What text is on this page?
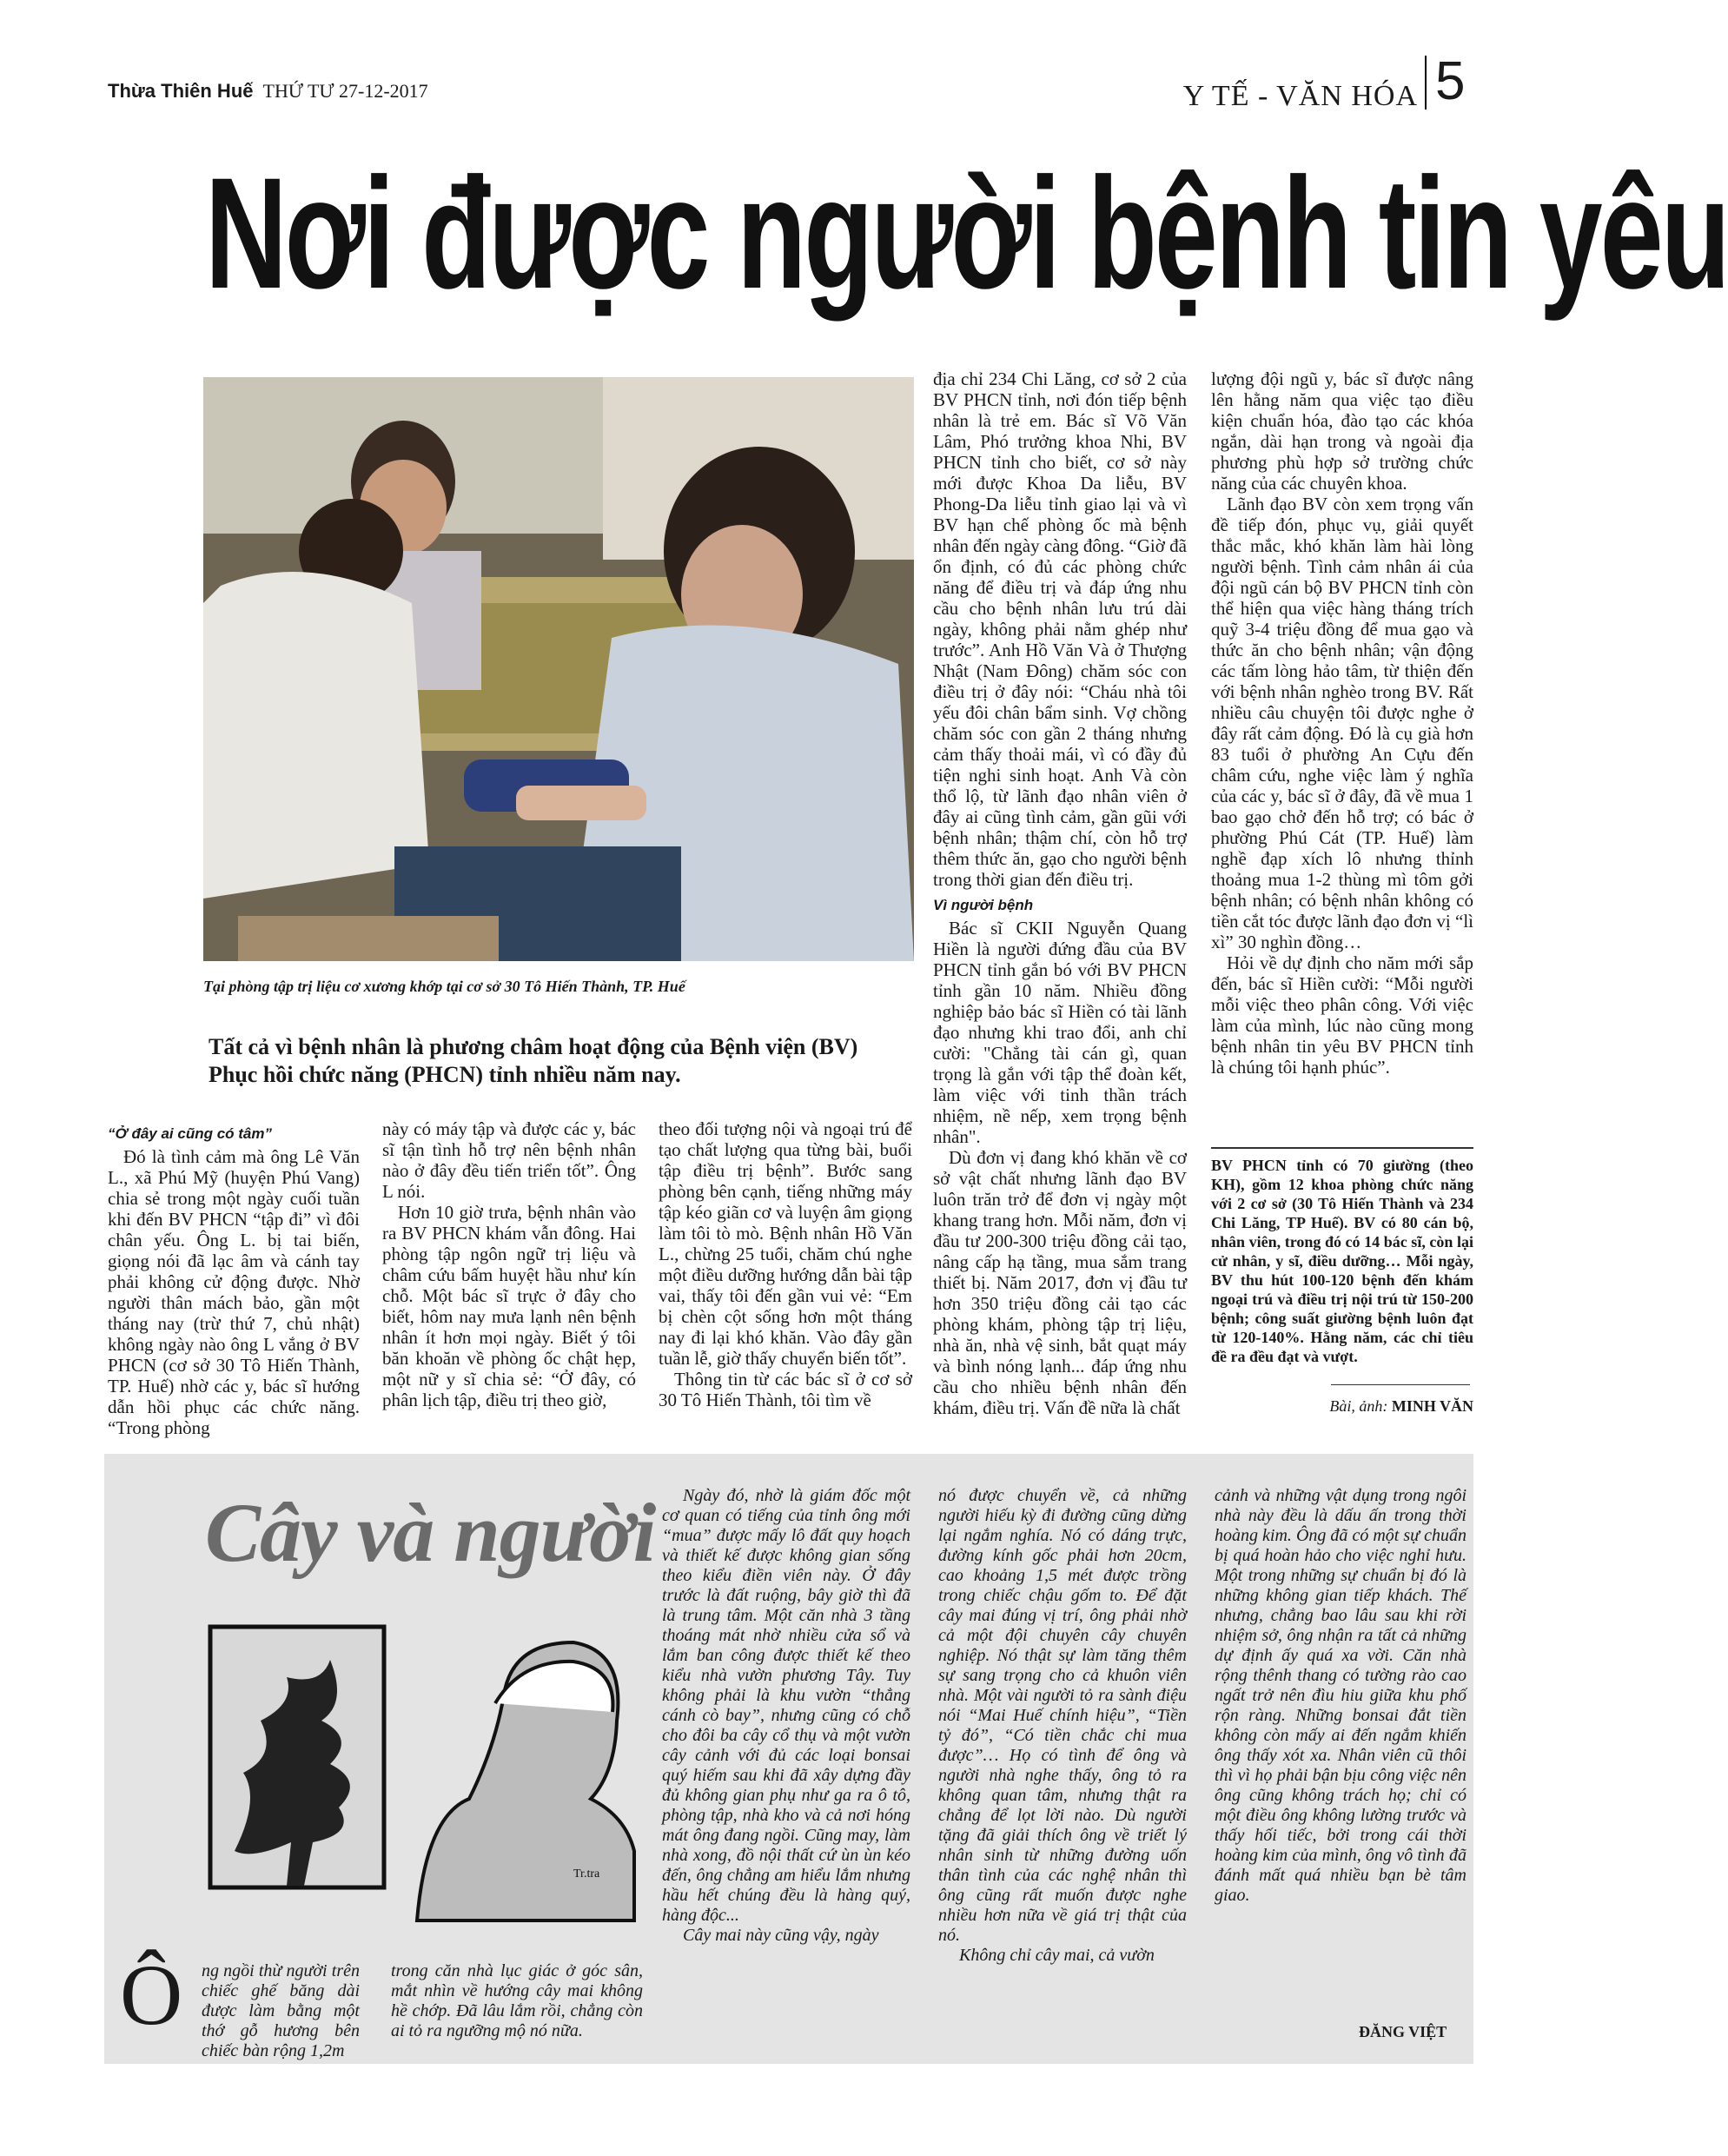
Thừa Thiên Huế THỨ TƯ 27-12-2017	Y TẾ - VĂN HÓA 5
Nơi được người bệnh tin yêu
Tại phòng tập trị liệu cơ xương khớp tại cơ sở 30 Tô Hiến Thành, TP. Huế
Tất cả vì bệnh nhân là phương châm hoạt động của Bệnh viện (BV) Phục hồi chức năng (PHCN) tỉnh nhiều năm nay.

“Ở đây ai cũng có tâm”

Đó là tình cảm mà ông Lê Văn L., xã Phú Mỹ (huyện Phú Vang) chia sẻ trong một ngày cuối tuần khi đến BV PHCN “tập đi” vì đôi chân yếu. Ông L. bị tai biến, giọng nói đã lạc âm và cánh tay phải không cử động được. Nhờ người thân mách bảo, gần một tháng nay (trừ thứ 7, chủ nhật) không ngày nào ông L vắng ở BV PHCN (cơ sở 30 Tô Hiến Thành, TP. Huế) nhờ các y, bác sĩ hướng dẫn hồi phục các chức năng. “Trong phòng

này có máy tập và được các y, bác sĩ tận tình hỗ trợ nên bệnh nhân nào ở đây đều tiến triển tốt”. Ông L nói.

Hơn 10 giờ trưa, bệnh nhân vào ra BV PHCN khám vẫn đông. Hai phòng tập ngôn ngữ trị liệu và châm cứu bấm huyệt hầu như kín chỗ. Một bác sĩ trực ở đây cho biết, hôm nay mưa lạnh nên bệnh nhân ít hơn mọi ngày. Biết ý tôi băn khoăn về phòng ốc chật hẹp, một nữ y sĩ chia sẻ: “Ở đây, có phân lịch tập, điều trị theo giờ,

theo đối tượng nội và ngoại trú để tạo chất lượng qua từng bài, buổi tập điều trị bệnh”. Bước sang phòng bên cạnh, tiếng những máy tập kéo giãn cơ và luyện âm giọng làm tôi tò mò. Bệnh nhân Hồ Văn L., chừng 25 tuổi, chăm chú nghe một điều dưỡng hướng dẫn bài tập vai, thấy tôi đến gần vui vẻ: “Em bị chèn cột sống hơn một tháng nay đi lại khó khăn. Vào đây gần tuần lễ, giờ thấy chuyển biến tốt”.

Thông tin từ các bác sĩ ở cơ sở 30 Tô Hiến Thành, tôi tìm về

địa chỉ 234 Chi Lăng, cơ sở 2 của BV PHCN tỉnh, nơi đón tiếp bệnh nhân là trẻ em. Bác sĩ Võ Văn Lâm, Phó trưởng khoa Nhi, BV PHCN tỉnh cho biết, cơ sở này mới được Khoa Da liễu, BV Phong-Da liễu tỉnh giao lại và vì BV hạn chế phòng ốc mà bệnh nhân đến ngày càng đông. “Giờ đã ổn định, có đủ các phòng chức năng để điều trị và đáp ứng nhu cầu cho bệnh nhân lưu trú dài ngày, không phải nằm ghép như trước”. Anh Hồ Văn Và ở Thượng Nhật (Nam Đông) chăm sóc con điều trị ở đây nói: “Cháu nhà tôi yếu đôi chân bẩm sinh. Vợ chồng chăm sóc con gần 2 tháng nhưng cảm thấy thoải mái, vì có đầy đủ tiện nghi sinh hoạt. Anh Và còn thổ lộ, từ lãnh đạo nhân viên ở đây ai cũng tình cảm, gần gũi với bệnh nhân; thậm chí, còn hỗ trợ thêm thức ăn, gạo cho người bệnh trong thời gian đến điều trị.

Vì người bệnh

Bác sĩ CKII Nguyễn Quang Hiền là người đứng đầu của BV PHCN tỉnh gắn bó với BV PHCN tỉnh gần 10 năm. Nhiều đồng nghiệp bảo bác sĩ Hiền có tài lãnh đạo nhưng khi trao đổi, anh chỉ cười: "Chẳng tài cán gì, quan trọng là gắn với tập thể đoàn kết, làm việc với tinh thần trách nhiệm, nề nếp, xem trọng bệnh nhân".

Dù đơn vị đang khó khăn về cơ sở vật chất nhưng lãnh đạo BV luôn trăn trở để đơn vị ngày một khang trang hơn. Mỗi năm, đơn vị đầu tư 200-300 triệu đồng cải tạo, nâng cấp hạ tầng, mua sắm trang thiết bị. Năm 2017, đơn vị đầu tư hơn 350 triệu đồng cải tạo các phòng khám, phòng tập trị liệu, nhà ăn, nhà vệ sinh, bắt quạt máy và bình nóng lạnh... đáp ứng nhu cầu cho nhiều bệnh nhân đến khám, điều trị. Vấn đề nữa là chất

lượng đội ngũ y, bác sĩ được nâng lên hằng năm qua việc tạo điều kiện chuẩn hóa, đào tạo các khóa ngắn, dài hạn trong và ngoài địa phương phù hợp sở trường chức năng của các chuyên khoa.

Lãnh đạo BV còn xem trọng vấn đề tiếp đón, phục vụ, giải quyết thắc mắc, khó khăn làm hài lòng người bệnh. Tình cảm nhân ái của đội ngũ cán bộ BV PHCN tỉnh còn thể hiện qua việc hàng tháng trích quỹ 3-4 triệu đồng để mua gạo và thức ăn cho bệnh nhân; vận động các tấm lòng hảo tâm, từ thiện đến với bệnh nhân nghèo trong BV. Rất nhiều câu chuyện tôi được nghe ở đây rất cảm động. Đó là cụ già hơn 83 tuổi ở phường An Cựu đến châm cứu, nghe việc làm ý nghĩa của các y, bác sĩ ở đây, đã về mua 1 bao gạo chở đến hỗ trợ; có bác ở phường Phú Cát (TP. Huế) làm nghề đạp xích lô nhưng thỉnh thoảng mua 1-2 thùng mì tôm gởi bệnh nhân; có bệnh nhân không có tiền cắt tóc được lãnh đạo đơn vị “lì xì” 30 nghìn đồng…

Hỏi về dự định cho năm mới sắp đến, bác sĩ Hiền cười: “Mỗi người mỗi việc theo phân công. Với việc làm của mình, lúc nào cũng mong bệnh nhân tin yêu BV PHCN tỉnh là chúng tôi hạnh phúc”.

BV PHCN tỉnh có 70 giường (theo KH), gồm 12 khoa phòng chức năng với 2 cơ sở (30 Tô Hiến Thành và 234 Chi Lăng, TP Huế). BV có 80 cán bộ, nhân viên, trong đó có 14 bác sĩ, còn lại cử nhân, y sĩ, điều dưỡng… Mỗi ngày, BV thu hút 100-120 bệnh đến khám ngoại trú và điều trị nội trú từ 150-200 bệnh; công suất giường bệnh luôn đạt từ 120-140%. Hằng năm, các chỉ tiêu đề ra đều đạt và vượt.
Bài, ảnh: MINH VĂN
Cây và người
Tr.tra
Ô ng ngồi thừ người trên chiếc ghế băng dài được làm bằng một thớ gỗ hương bên chiếc bàn rộng 1,2m

trong căn nhà lục giác ở góc sân, mắt nhìn về hướng cây mai không hề chớp. Đã lâu lắm rồi, chẳng còn ai tỏ ra ngưỡng mộ nó nữa.

Ngày đó, nhờ là giám đốc một cơ quan có tiếng của tỉnh ông mới “mua” được mấy lô đất quy hoạch và thiết kế được không gian sống theo kiểu điền viên này. Ở đây trước là đất ruộng, bây giờ thì đã là trung tâm. Một căn nhà 3 tầng thoáng mát nhờ nhiều cửa sổ và lắm ban công được thiết kế theo kiểu nhà vườn phương Tây. Tuy không phải là khu vườn “thẳng cánh cò bay”, nhưng cũng có chỗ cho đôi ba cây cổ thụ và một vườn cây cảnh với đủ các loại bonsai quý hiếm sau khi đã xây dựng đầy đủ không gian phụ như ga ra ô tô, phòng tập, nhà kho và cả nơi hóng mát ông đang ngồi. Cũng may, làm nhà xong, đồ nội thất cứ ùn ùn kéo đến, ông chẳng am hiểu lắm nhưng hầu hết chúng đều là hàng quý, hàng độc...

Cây mai này cũng vậy, ngày

nó được chuyển về, cả những người hiếu kỳ đi đường cũng dừng lại ngắm nghía. Nó có dáng trực, đường kính gốc phải hơn 20cm, cao khoảng 1,5 mét được trồng trong chiếc chậu gốm to. Để đặt cây mai đúng vị trí, ông phải nhờ cả một đội chuyên cây chuyên nghiệp. Nó thật sự làm tăng thêm sự sang trọng cho cả khuôn viên nhà. Một vài người tỏ ra sành điệu nói “Mai Huế chính hiệu”, “Tiền tỷ đó”, “Có tiền chắc chi mua được”… Họ có tình để ông và người nhà nghe thấy, ông tỏ ra không quan tâm, nhưng thật ra chẳng để lọt lời nào. Dù người tặng đã giải thích ông về triết lý nhân sinh từ những đường uốn thân tình của các nghệ nhân thì ông cũng rất muốn được nghe nhiều hơn nữa về giá trị thật của nó.

Không chỉ cây mai, cả vườn

cảnh và những vật dụng trong ngôi nhà này đều là dấu ấn trong thời hoàng kim. Ông đã có một sự chuẩn bị quá hoàn hảo cho việc nghỉ hưu. Một trong những sự chuẩn bị đó là những không gian tiếp khách. Thế nhưng, chẳng bao lâu sau khi rời nhiệm sở, ông nhận ra tất cả những dự định ấy quá xa vời. Căn nhà rộng thênh thang có tường rào cao ngất trở nên đìu hiu giữa khu phố rộn ràng. Những bonsai đắt tiền không còn mấy ai đến ngắm khiến ông thấy xót xa. Nhân viên cũ thôi thì vì họ phải bận bịu công việc nên ông cũng không trách họ; chỉ có một điều ông không lường trước và thấy hối tiếc, bởi trong cái thời hoàng kim của mình, ông vô tình đã đánh mất quá nhiều bạn bè tâm giao.

ĐĂNG VIỆT
